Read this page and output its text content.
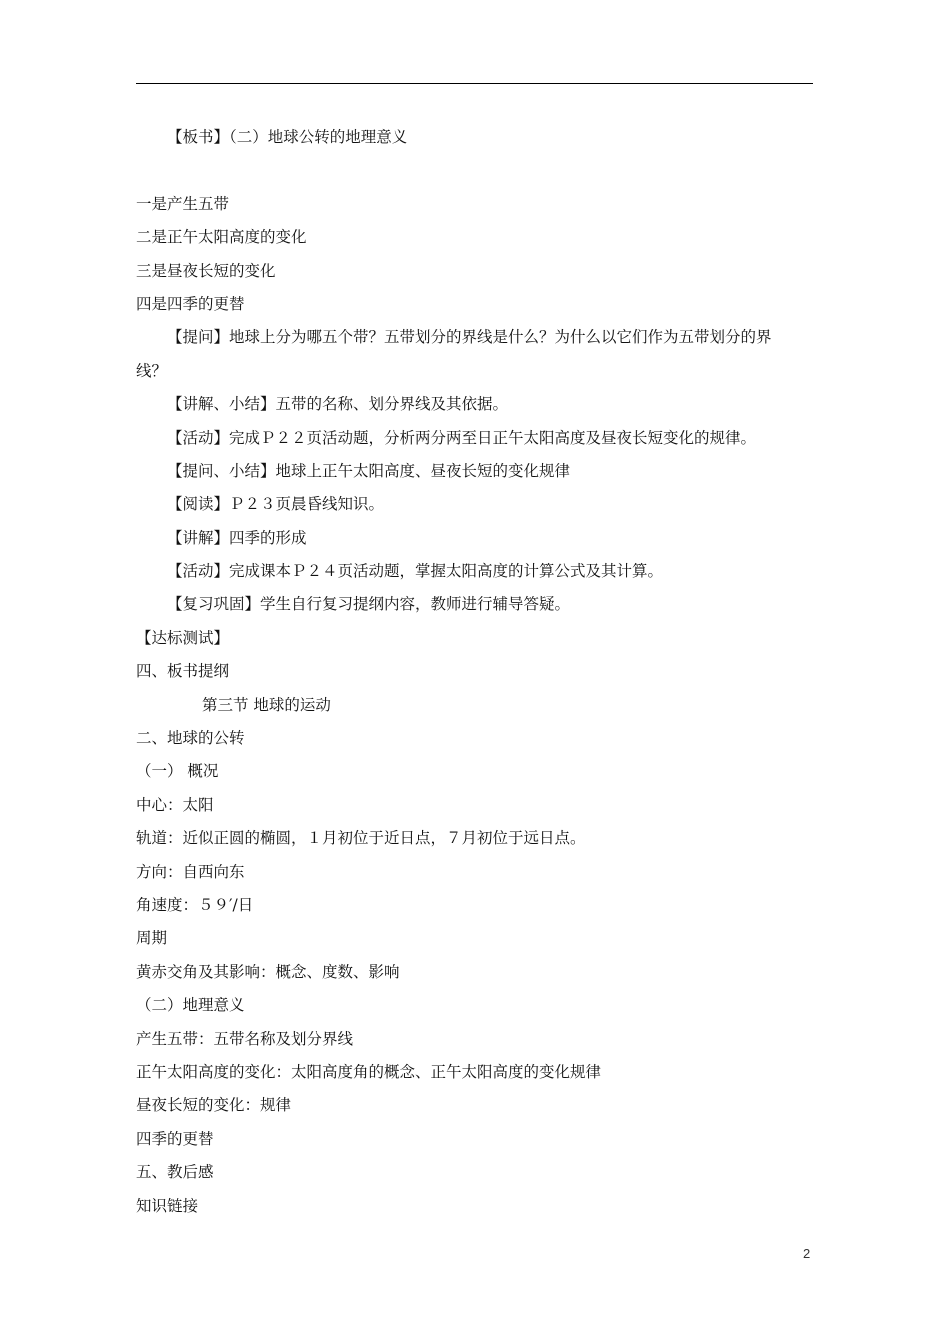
【板书】（二）地球公转的地理意义
一是产生五带
二是正午太阳高度的变化
三是昼夜长短的变化
四是四季的更替
【提问】地球上分为哪五个带？五带划分的界线是什么？为什么以它们作为五带划分的界
线？
【讲解、小结】五带的名称、划分界线及其依据。
【活动】完成Ｐ２２页活动题，分析两分两至日正午太阳高度及昼夜长短变化的规律。
【提问、小结】地球上正午太阳高度、昼夜长短的变化规律
【阅读】Ｐ２３页晨昏线知识。
【讲解】四季的形成
【活动】完成课本Ｐ２４页活动题，掌握太阳高度的计算公式及其计算。
【复习巩固】学生自行复习提纲内容，教师进行辅导答疑。
【达标测试】
四、板书提纲
第三节 地球的运动
二、地球的公转
（一） 概况
中心：太阳
轨道：近似正圆的椭圆，１月初位于近日点，７月初位于远日点。
方向：自西向东
角速度：５９′/日
周期
黄赤交角及其影响：概念、度数、影响
（二）地理意义
产生五带：五带名称及划分界线
正午太阳高度的变化：太阳高度角的概念、正午太阳高度的变化规律
昼夜长短的变化：规律
四季的更替
五、教后感
知识链接
2
